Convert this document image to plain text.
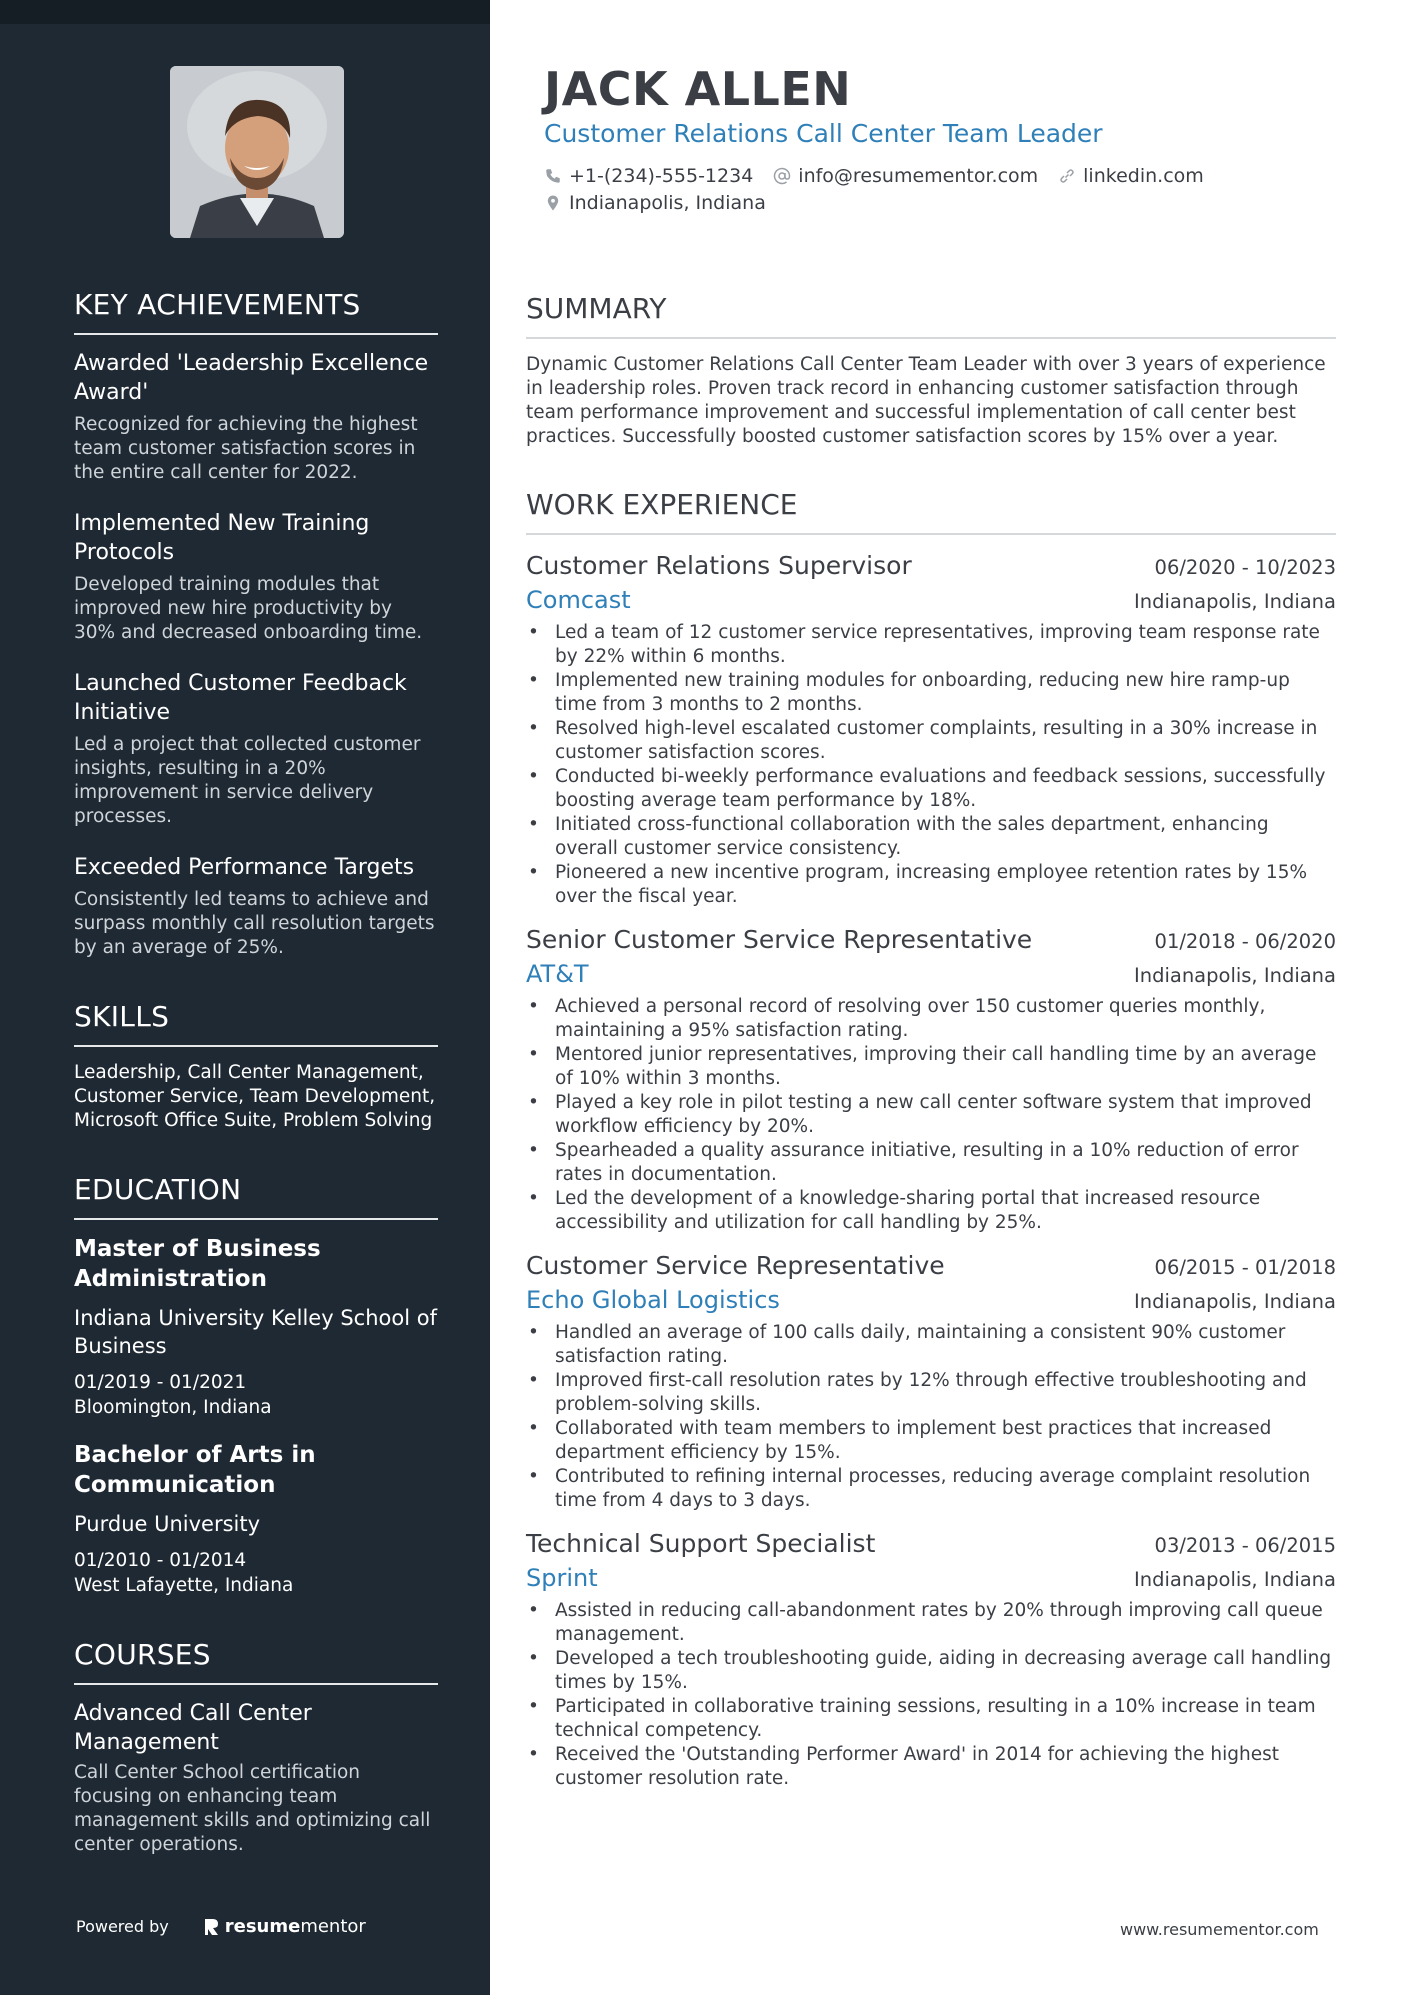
KEY ACHIEVEMENTS
Awarded 'Leadership Excellence Award'
Recognized for achieving the highest team customer satisfaction scores in the entire call center for 2022.
Implemented New Training Protocols
Developed training modules that improved new hire productivity by 30% and decreased onboarding time.
Launched Customer Feedback Initiative
Led a project that collected customer insights, resulting in a 20% improvement in service delivery processes.
Exceeded Performance Targets
Consistently led teams to achieve and surpass monthly call resolution targets by an average of 25%.
SKILLS
Leadership, Call Center Management, Customer Service, Team Development, Microsoft Office Suite, Problem Solving
EDUCATION
Master of Business Administration
Indiana University Kelley School of Business
01/2019 - 01/2021
Bloomington, Indiana
Bachelor of Arts in Communication
Purdue University
01/2010 - 01/2014
West Lafayette, Indiana
COURSES
Advanced Call Center Management
Call Center School certification focusing on enhancing team management skills and optimizing call center operations.
Powered by	resume mentor
JACK ALLEN
Customer Relations Call Center Team Leader
+1-(234)-555-1234 info@resumementor.com linkedin.com
Indianapolis, Indiana
SUMMARY
Dynamic Customer Relations Call Center Team Leader with over 3 years of experience in leadership roles. Proven track record in enhancing customer satisfaction through team performance improvement and successful implementation of call center best practices. Successfully boosted customer satisfaction scores by 15% over a year.
WORK EXPERIENCE
Customer Relations Supervisor	06/2020 - 10/2023
Comcast	Indianapolis, Indiana
• Led a team of 12 customer service representatives, improving team response rate by 22% within 6 months.
• Implemented new training modules for onboarding, reducing new hire ramp-up time from 3 months to 2 months.
• Resolved high-level escalated customer complaints, resulting in a 30% increase in customer satisfaction scores.
• Conducted bi-weekly performance evaluations and feedback sessions, successfully boosting average team performance by 18%.
• Initiated cross-functional collaboration with the sales department, enhancing overall customer service consistency.
• Pioneered a new incentive program, increasing employee retention rates by 15% over the fiscal year.
Senior Customer Service Representative	01/2018 - 06/2020
AT&T	Indianapolis, Indiana
• Achieved a personal record of resolving over 150 customer queries monthly, maintaining a 95% satisfaction rating.
• Mentored junior representatives, improving their call handling time by an average of 10% within 3 months.
• Played a key role in pilot testing a new call center software system that improved workflow efficiency by 20%.
• Spearheaded a quality assurance initiative, resulting in a 10% reduction of error rates in documentation.
• Led the development of a knowledge-sharing portal that increased resource accessibility and utilization for call handling by 25%.
Customer Service Representative	06/2015 - 01/2018
Echo Global Logistics	Indianapolis, Indiana
• Handled an average of 100 calls daily, maintaining a consistent 90% customer satisfaction rating.
• Improved first-call resolution rates by 12% through effective troubleshooting and problem-solving skills.
• Collaborated with team members to implement best practices that increased department efficiency by 15%.
• Contributed to refining internal processes, reducing average complaint resolution time from 4 days to 3 days.
Technical Support Specialist	03/2013 - 06/2015
Sprint	Indianapolis, Indiana
• Assisted in reducing call-abandonment rates by 20% through improving call queue management.
• Developed a tech troubleshooting guide, aiding in decreasing average call handling times by 15%.
• Participated in collaborative training sessions, resulting in a 10% increase in team technical competency.
• Received the 'Outstanding Performer Award' in 2014 for achieving the highest customer resolution rate.
www.resumementor.com
